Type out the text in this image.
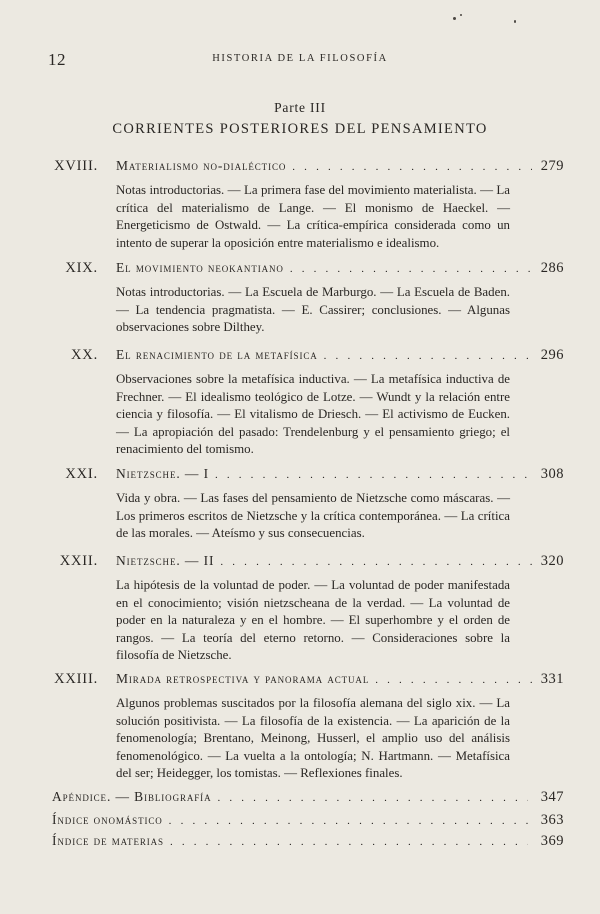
12	HISTORIA DE LA FILOSOFÍA
Parte III
CORRIENTES POSTERIORES DEL PENSAMIENTO
XVIII. Materialismo no-dialéctico . . .	279
Notas introductorias. — La primera fase del movimiento materialista. — La crítica del materialismo de Lange. — El monismo de Haeckel. — Energeticismo de Ostwald. — La crítica-empírica considerada como un intento de superar la oposición entre materialismo e idealismo.
XIX. El movimiento neokantiano . . .	286
Notas introductorias. — La Escuela de Marburgo. — La Escuela de Baden. — La tendencia pragmatista. — E. Cassirer; conclusiones. — Algunas observaciones sobre Dilthey.
XX. El renacimiento de la metafísica . . .	296
Observaciones sobre la metafísica inductiva. — La metafísica inductiva de Frechner. — El idealismo teológico de Lotze. — Wundt y la relación entre ciencia y filosofía. — El vitalismo de Driesch. — El activismo de Eucken. — La apropiación del pasado: Trendelenburg y el pensamiento griego; el renacimiento del tomismo.
XXI. Nietzsche. — I . . .	308
Vida y obra. — Las fases del pensamiento de Nietzsche como máscaras. — Los primeros escritos de Nietzsche y la crítica contemporánea. — La crítica de las morales. — Ateísmo y sus consecuencias.
XXII. Nietzsche. — II . . .	320
La hipótesis de la voluntad de poder. — La voluntad de poder manifestada en el conocimiento; visión nietzscheana de la verdad. — La voluntad de poder en la naturaleza y en el hombre. — El superhombre y el orden de rangos. — La teoría del eterno retorno. — Consideraciones sobre la filosofía de Nietzsche.
XXIII. Mirada retrospectiva y panorama actual . . .	331
Algunos problemas suscitados por la filosofía alemana del siglo xix. — La solución positivista. — La filosofía de la existencia. — La aparición de la fenomenología; Brentano, Meinong, Husserl, el amplio uso del análisis fenomenológico. — La vuelta a la ontología; N. Hartmann. — Metafísica del ser; Heidegger, los tomistas. — Reflexiones finales.
Apéndice. — Bibliografía . . .	347
Índice onomástico . . .	363
Índice de materias . . .	369
